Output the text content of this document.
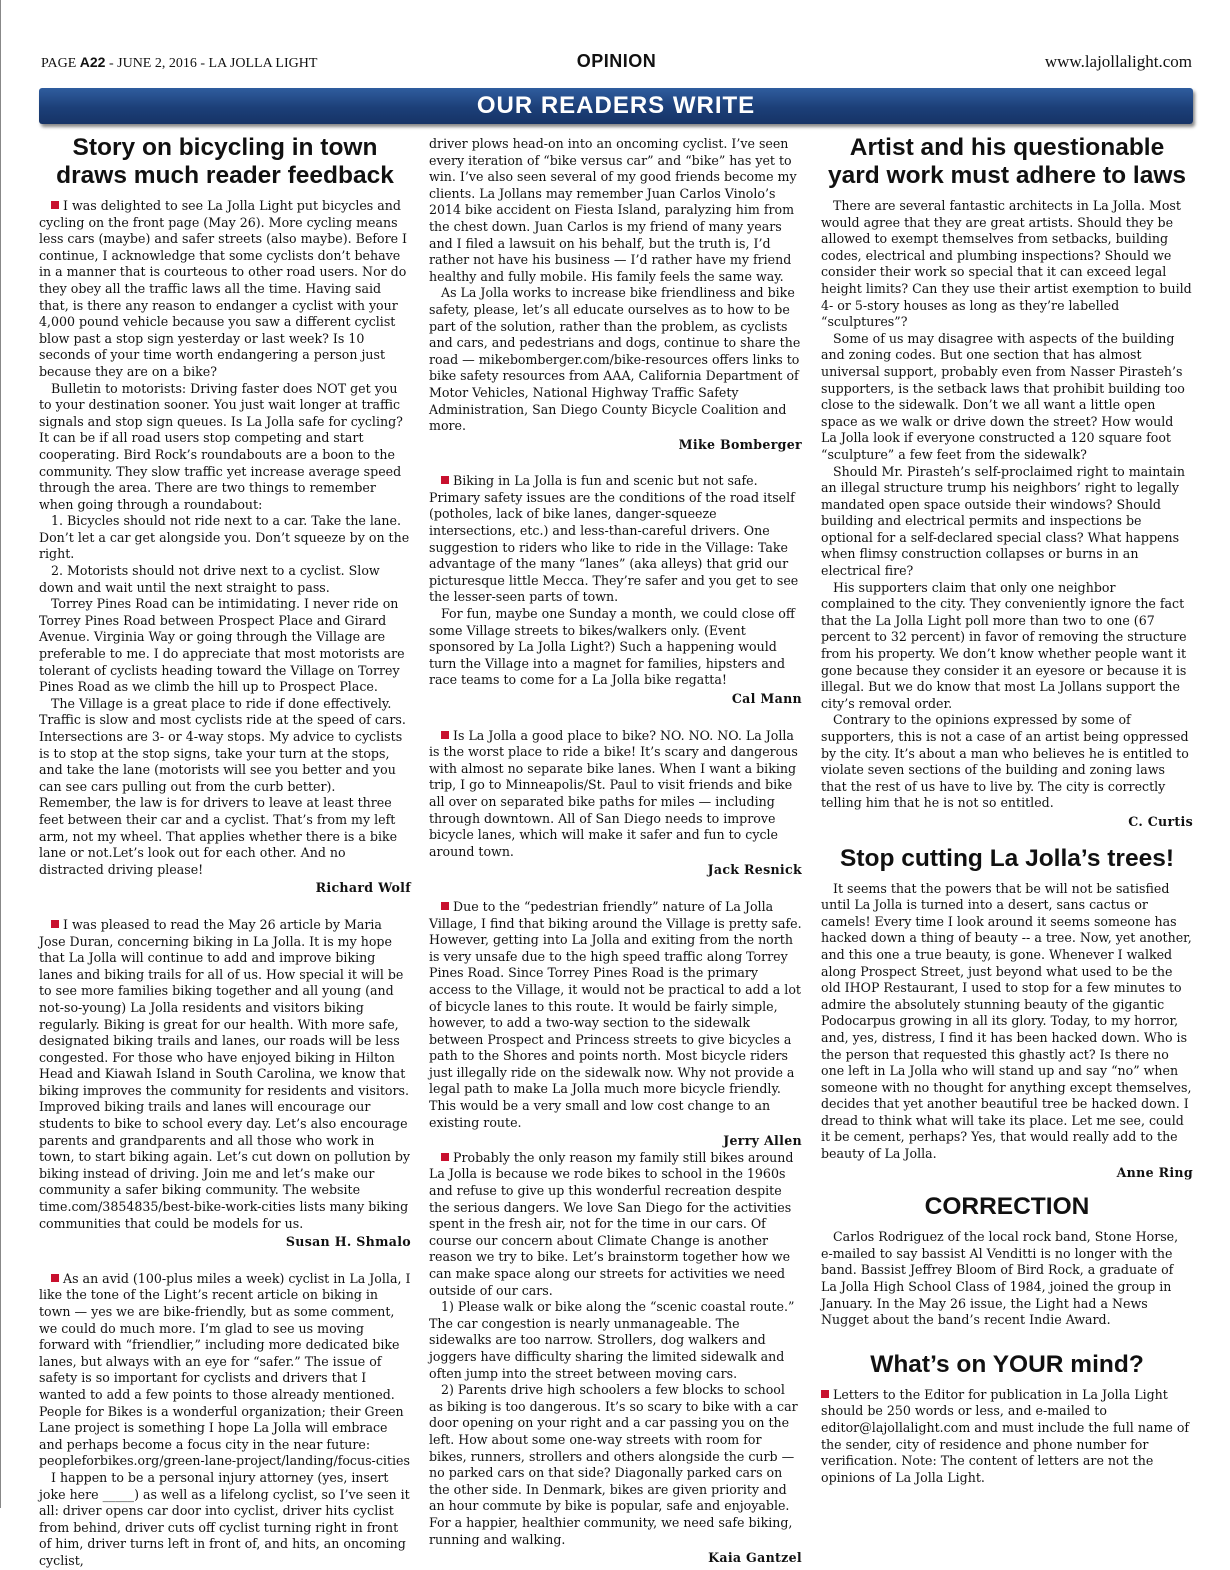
PAGE A22 - JUNE 2, 2016 - LA JOLLA LIGHT	OPINION	www.lajollalight.com
OUR READERS WRITE
Story on bicycling in town draws much reader feedback

I was delighted to see La Jolla Light put bicycles and cycling on the front page (May 26). More cycling means less cars (maybe) and safer streets (also maybe). Before I continue, I acknowledge that some cyclists don’t behave in a manner that is courteous to other road users. Nor do they obey all the traffic laws all the time. Having said that, is there any reason to endanger a cyclist with your 4,000 pound vehicle because you saw a different cyclist blow past a stop sign yesterday or last week? Is 10 seconds of your time worth endangering a person just because they are on a bike?

Bulletin to motorists: Driving faster does NOT get you to your destination sooner. You just wait longer at traffic signals and stop sign queues. Is La Jolla safe for cycling? It can be if all road users stop competing and start cooperating. Bird Rock’s roundabouts are a boon to the community. They slow traffic yet increase average speed through the area. There are two things to remember when going through a roundabout:

1. Bicycles should not ride next to a car. Take the lane. Don’t let a car get alongside you. Don’t squeeze by on the right.

2. Motorists should not drive next to a cyclist. Slow down and wait until the next straight to pass.

Torrey Pines Road can be intimidating. I never ride on Torrey Pines Road between Prospect Place and Girard Avenue. Virginia Way or going through the Village are preferable to me. I do appreciate that most motorists are tolerant of cyclists heading toward the Village on Torrey Pines Road as we climb the hill up to Prospect Place.

The Village is a great place to ride if done effectively. Traffic is slow and most cyclists ride at the speed of cars. Intersections are 3- or 4-way stops. My advice to cyclists is to stop at the stop signs, take your turn at the stops, and take the lane (motorists will see you better and you can see cars pulling out from the curb better). Remember, the law is for drivers to leave at least three feet between their car and a cyclist. That’s from my left arm, not my wheel. That applies whether there is a bike lane or not.Let’s look out for each other. And no distracted driving please!

Richard Wolf

I was pleased to read the May 26 article by Maria Jose Duran, concerning biking in La Jolla. It is my hope that La Jolla will continue to add and improve biking lanes and biking trails for all of us. How special it will be to see more families biking together and all young (and not-so-young) La Jolla residents and visitors biking regularly. Biking is great for our health. With more safe, designated biking trails and lanes, our roads will be less congested. For those who have enjoyed biking in Hilton Head and Kiawah Island in South Carolina, we know that biking improves the community for residents and visitors. Improved biking trails and lanes will encourage our students to bike to school every day. Let’s also encourage parents and grandparents and all those who work in town, to start biking again. Let’s cut down on pollution by biking instead of driving. Join me and let’s make our community a safer biking community. The website time.com/3854835/best-bike-work-cities lists many biking communities that could be models for us.

Susan H. Shmalo

As an avid (100-plus miles a week) cyclist in La Jolla, I like the tone of the Light’s recent article on biking in town — yes we are bike-friendly, but as some comment, we could do much more. I’m glad to see us moving forward with “friendlier,” including more dedicated bike lanes, but always with an eye for “safer.” The issue of safety is so important for cyclists and drivers that I wanted to add a few points to those already mentioned. People for Bikes is a wonderful organization; their Green Lane project is something I hope La Jolla will embrace and perhaps become a focus city in the near future: peopleforbikes.org/green-lane-project/landing/focus-cities

I happen to be a personal injury attorney (yes, insert joke here _____) as well as a lifelong cyclist, so I’ve seen it all: driver opens car door into cyclist, driver hits cyclist from behind, driver cuts off cyclist turning right in front of him, driver turns left in front of, and hits, an oncoming cyclist,

driver plows head-on into an oncoming cyclist. I’ve seen every iteration of “bike versus car” and “bike” has yet to win. I’ve also seen several of my good friends become my clients. La Jollans may remember Juan Carlos Vinolo’s 2014 bike accident on Fiesta Island, paralyzing him from the chest down. Juan Carlos is my friend of many years and I filed a lawsuit on his behalf, but the truth is, I’d rather not have his business — I’d rather have my friend healthy and fully mobile. His family feels the same way.

As La Jolla works to increase bike friendliness and bike safety, please, let’s all educate ourselves as to how to be part of the solution, rather than the problem, as cyclists and cars, and pedestrians and dogs, continue to share the road — mikebomberger.com/bike-resources offers links to bike safety resources from AAA, California Department of Motor Vehicles, National Highway Traffic Safety Administration, San Diego County Bicycle Coalition and more.

Mike Bomberger

Biking in La Jolla is fun and scenic but not safe. Primary safety issues are the conditions of the road itself (potholes, lack of bike lanes, danger-squeeze intersections, etc.) and less-than-careful drivers. One suggestion to riders who like to ride in the Village: Take advantage of the many “lanes” (aka alleys) that grid our picturesque little Mecca. They’re safer and you get to see the lesser-seen parts of town.

For fun, maybe one Sunday a month, we could close off some Village streets to bikes/walkers only. (Event sponsored by La Jolla Light?) Such a happening would turn the Village into a magnet for families, hipsters and race teams to come for a La Jolla bike regatta!

Cal Mann

Is La Jolla a good place to bike? NO. NO. NO. La Jolla is the worst place to ride a bike! It’s scary and dangerous with almost no separate bike lanes. When I want a biking trip, I go to Minneapolis/St. Paul to visit friends and bike all over on separated bike paths for miles — including through downtown. All of San Diego needs to improve bicycle lanes, which will make it safer and fun to cycle around town.

Jack Resnick

Due to the “pedestrian friendly” nature of La Jolla Village, I find that biking around the Village is pretty safe. However, getting into La Jolla and exiting from the north is very unsafe due to the high speed traffic along Torrey Pines Road. Since Torrey Pines Road is the primary access to the Village, it would not be practical to add a lot of bicycle lanes to this route. It would be fairly simple, however, to add a two-way section to the sidewalk between Prospect and Princess streets to give bicycles a path to the Shores and points north. Most bicycle riders just illegally ride on the sidewalk now. Why not provide a legal path to make La Jolla much more bicycle friendly. This would be a very small and low cost change to an existing route.

Jerry Allen

Probably the only reason my family still bikes around La Jolla is because we rode bikes to school in the 1960s and refuse to give up this wonderful recreation despite the serious dangers. We love San Diego for the activities spent in the fresh air, not for the time in our cars. Of course our concern about Climate Change is another reason we try to bike. Let’s brainstorm together how we can make space along our streets for activities we need outside of our cars.

1) Please walk or bike along the “scenic coastal route.” The car congestion is nearly unmanageable. The sidewalks are too narrow. Strollers, dog walkers and joggers have difficulty sharing the limited sidewalk and often jump into the street between moving cars.

2) Parents drive high schoolers a few blocks to school as biking is too dangerous. It’s so scary to bike with a car door opening on your right and a car passing you on the left. How about some one-way streets with room for bikes, runners, strollers and others alongside the curb — no parked cars on that side? Diagonally parked cars on the other side. In Denmark, bikes are given priority and an hour commute by bike is popular, safe and enjoyable. For a happier, healthier community, we need safe biking, running and walking.

Kaia Gantzel
Artist and his questionable yard work must adhere to laws

There are several fantastic architects in La Jolla. Most would agree that they are great artists. Should they be allowed to exempt themselves from setbacks, building codes, electrical and plumbing inspections? Should we consider their work so special that it can exceed legal height limits? Can they use their artist exemption to build 4- or 5-story houses as long as they’re labelled “sculptures”?

Some of us may disagree with aspects of the building and zoning codes. But one section that has almost universal support, probably even from Nasser Pirasteh’s supporters, is the setback laws that prohibit building too close to the sidewalk. Don’t we all want a little open space as we walk or drive down the street? How would La Jolla look if everyone constructed a 120 square foot “sculpture” a few feet from the sidewalk?

Should Mr. Pirasteh’s self-proclaimed right to maintain an illegal structure trump his neighbors’ right to legally mandated open space outside their windows? Should building and electrical permits and inspections be optional for a self-declared special class? What happens when flimsy construction collapses or burns in an electrical fire?

His supporters claim that only one neighbor complained to the city. They conveniently ignore the fact that the La Jolla Light poll more than two to one (67 percent to 32 percent) in favor of removing the structure from his property. We don’t know whether people want it gone because they consider it an eyesore or because it is illegal. But we do know that most La Jollans support the city’s removal order.

Contrary to the opinions expressed by some of supporters, this is not a case of an artist being oppressed by the city. It’s about a man who believes he is entitled to violate seven sections of the building and zoning laws that the rest of us have to live by. The city is correctly telling him that he is not so entitled.

C. Curtis
Stop cutting La Jolla’s trees!

It seems that the powers that be will not be satisfied until La Jolla is turned into a desert, sans cactus or camels! Every time I look around it seems someone has hacked down a thing of beauty -- a tree. Now, yet another, and this one a true beauty, is gone. Whenever I walked along Prospect Street, just beyond what used to be the old IHOP Restaurant, I used to stop for a few minutes to admire the absolutely stunning beauty of the gigantic Podocarpus growing in all its glory. Today, to my horror, and, yes, distress, I find it has been hacked down. Who is the person that requested this ghastly act? Is there no one left in La Jolla who will stand up and say “no” when someone with no thought for anything except themselves, decides that yet another beautiful tree be hacked down. I dread to think what will take its place. Let me see, could it be cement, perhaps? Yes, that would really add to the beauty of La Jolla.

Anne Ring
CORRECTION

Carlos Rodriguez of the local rock band, Stone Horse, e-mailed to say bassist Al Venditti is no longer with the band. Bassist Jeffrey Bloom of Bird Rock, a graduate of La Jolla High School Class of 1984, joined the group in January. In the May 26 issue, the Light had a News Nugget about the band’s recent Indie Award.

What’s on YOUR mind?

Letters to the Editor for publication in La Jolla Light should be 250 words or less, and e-mailed to editor@lajollalight.com and must include the full name of the sender, city of residence and phone number for verification. Note: The content of letters are not the opinions of La Jolla Light.
